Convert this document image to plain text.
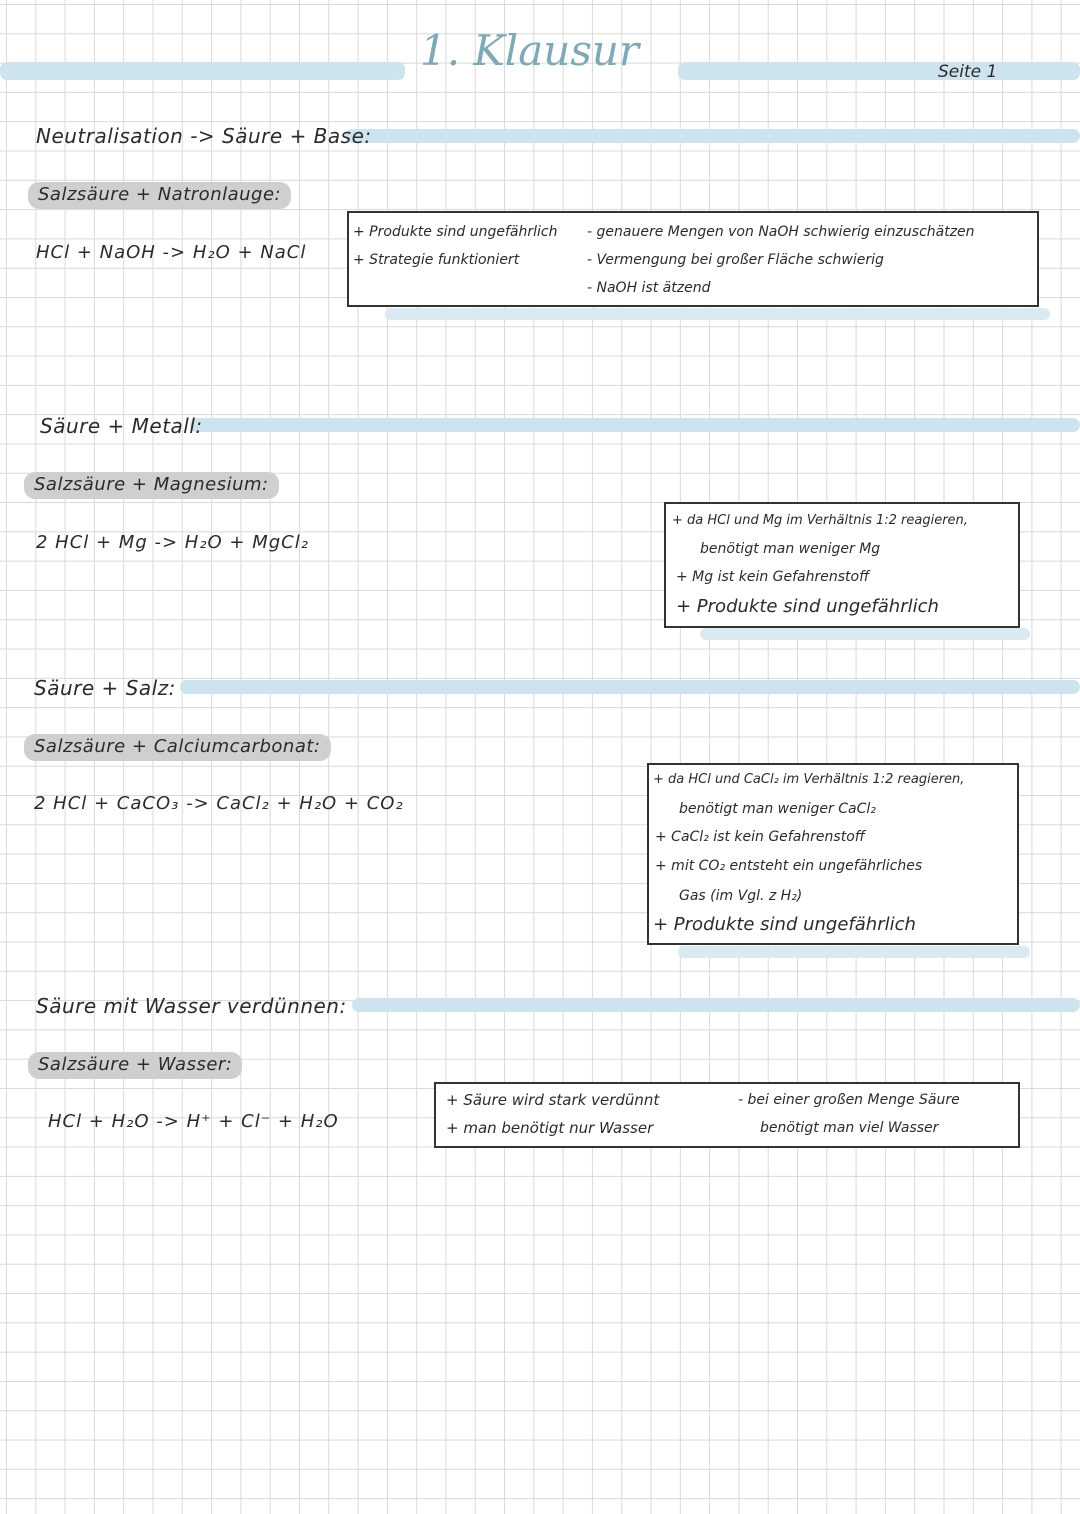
1. Klausur	Seite 1
Neutralisation -> Säure + Base:
Salzsäure + Natronlauge:
HCl + NaOH -> H₂O + NaCl
+ Produkte sind ungefährlich
+ Strategie funktioniert
- genauere Mengen von NaOH schwierig einzuschätzen
- Vermengung bei großer Fläche schwierig
- NaOH ist ätzend
Säure + Metall:
Salzsäure + Magnesium:
2 HCl + Mg -> H₂O + MgCl₂
+ da HCl und Mg im Verhältnis 1:2 reagieren,
benötigt man weniger Mg
+ Mg ist kein Gefahrenstoff
+ Produkte sind ungefährlich
Säure + Salz:
Salzsäure + Calciumcarbonat:
2 HCl + CaCO₃ -> CaCl₂ + H₂O + CO₂
+ da HCl und CaCl₂ im Verhältnis 1:2 reagieren,
benötigt man weniger CaCl₂
+ CaCl₂ ist kein Gefahrenstoff
+ mit CO₂ entsteht ein ungefährliches
Gas (im Vgl. z H₂)
+ Produkte sind ungefährlich
Säure mit Wasser verdünnen:
Salzsäure + Wasser:
HCl + H₂O -> H⁺ + Cl⁻ + H₂O
+ Säure wird stark verdünnt
+ man benötigt nur Wasser
- bei einer großen Menge Säure
benötigt man viel Wasser
